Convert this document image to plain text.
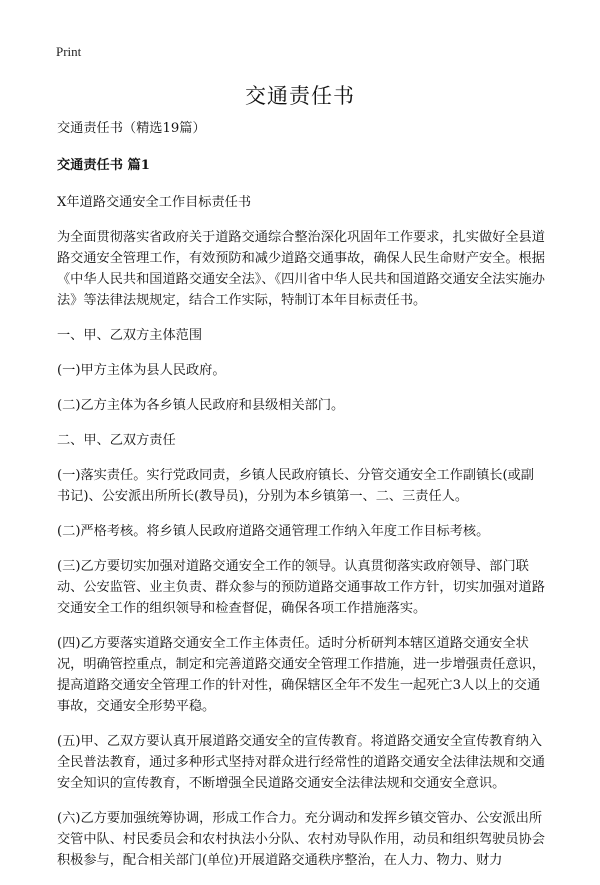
Print
交通责任书

交通责任书（精选19篇）

交通责任书 篇1

X年道路交通安全工作目标责任书

为全面贯彻落实省政府关于道路交通综合整治深化巩固年工作要求，扎实做好全县道路交通安全管理工作，有效预防和减少道路交通事故，确保人民生命财产安全。根据《中华人民共和国道路交通安全法》、《四川省中华人民共和国道路交通安全法实施办法》等法律法规规定，结合工作实际，特制订本年目标责任书。

一、甲、乙双方主体范围

(一)甲方主体为县人民政府。

(二)乙方主体为各乡镇人民政府和县级相关部门。

二、甲、乙双方责任

(一)落实责任。实行党政同责，乡镇人民政府镇长、分管交通安全工作副镇长(或副书记)、公安派出所所长(教导员)，分别为本乡镇第一、二、三责任人。

(二)严格考核。将乡镇人民政府道路交通管理工作纳入年度工作目标考核。

(三)乙方要切实加强对道路交通安全工作的领导。认真贯彻落实政府领导、部门联动、公安监管、业主负责、群众参与的预防道路交通事故工作方针，切实加强对道路交通安全工作的组织领导和检查督促，确保各项工作措施落实。

(四)乙方要落实道路交通安全工作主体责任。适时分析研判本辖区道路交通安全状况，明确管控重点，制定和完善道路交通安全管理工作措施，进一步增强责任意识，提高道路交通安全管理工作的针对性，确保辖区全年不发生一起死亡3人以上的交通事故，交通安全形势平稳。

(五)甲、乙双方要认真开展道路交通安全的宣传教育。将道路交通安全宣传教育纳入全民普法教育，通过多种形式坚持对群众进行经常性的道路交通安全法律法规和交通安全知识的宣传教育，不断增强全民道路交通安全法律法规和交通安全意识。

(六)乙方要加强统筹协调，形成工作合力。充分调动和发挥乡镇交管办、公安派出所交管中队、村民委员会和农村执法小分队、农村劝导队作用，动员和组织驾驶员协会积极参与，配合相关部门(单位)开展道路交通秩序整治，在人力、物力、财力
